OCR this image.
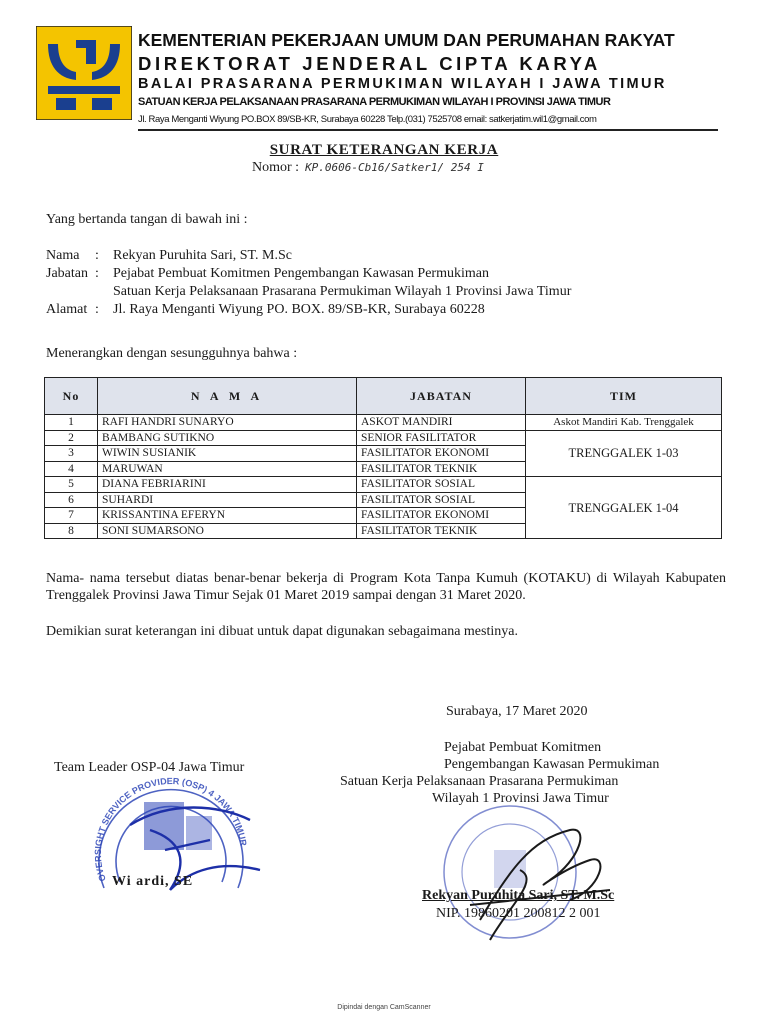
KEMENTERIAN PEKERJAAN UMUM DAN PERUMAHAN RAKYAT
DIREKTORAT JENDERAL CIPTA KARYA
BALAI PRASARANA PERMUKIMAN WILAYAH I JAWA TIMUR
SATUAN KERJA PELAKSANAAN PRASARANA PERMUKIMAN WILAYAH I PROVINSI JAWA TIMUR
Jl. Raya Menganti Wiyung PO.BOX 89/SB-KR, Surabaya 60228 Telp.(031) 7525708 email: satkerjatim.wil1@gmail.com
SURAT KETERANGAN KERJA
Nomor : KP.0606-Cb16/Satker1/ 254 I
Yang bertanda tangan di bawah ini :
Nama : Rekyan Puruhita Sari, ST. M.Sc
Jabatan : Pejabat Pembuat Komitmen Pengembangan Kawasan Permukiman
Satuan Kerja Pelaksanaan Prasarana Permukiman Wilayah 1 Provinsi Jawa Timur
Alamat : Jl. Raya Menganti Wiyung PO. BOX. 89/SB-KR, Surabaya 60228
Menerangkan dengan sesungguhnya bahwa :
No	N A M A	JABATAN	TIM
1	RAFI HANDRI SUNARYO	ASKOT MANDIRI	Askot Mandiri Kab. Trenggalek
2	BAMBANG SUTIKNO	SENIOR FASILITATOR	TRENGGALEK 1-03
3	WIWIN SUSIANIK	FASILITATOR EKONOMI	
4	MARUWAN	FASILITATOR TEKNIK	
5	DIANA FEBRIARINI	FASILITATOR SOSIAL	TRENGGALEK 1-04
6	SUHARDI	FASILITATOR SOSIAL	
7	KRISSANTINA EFERYN	FASILITATOR EKONOMI	
8	SONI SUMARSONO	FASILITATOR TEKNIK	
Nama- nama tersebut diatas benar-benar bekerja di Program Kota Tanpa Kumuh (KOTAKU) di Wilayah Kabupaten Trenggalek Provinsi Jawa Timur Sejak 01 Maret 2019 sampai dengan 31 Maret 2020.
Demikian surat keterangan ini dibuat untuk dapat digunakan sebagaimana mestinya.
OVERSIGHT SERVICE PROVIDER (OSP) 4 JAWA TIMUR
Surabaya, 17 Maret 2020
Pejabat Pembuat Komitmen
Pengembangan Kawasan Permukiman
Satuan Kerja Pelaksanaan Prasarana Permukiman
Wilayah 1 Provinsi Jawa Timur
Rekyan Puruhita Sari, ST. M.Sc
NIP. 19860201 200812 2 001
Team Leader OSP-04 Jawa Timur
Wi ardi, SE
Dipindai dengan CamScanner
